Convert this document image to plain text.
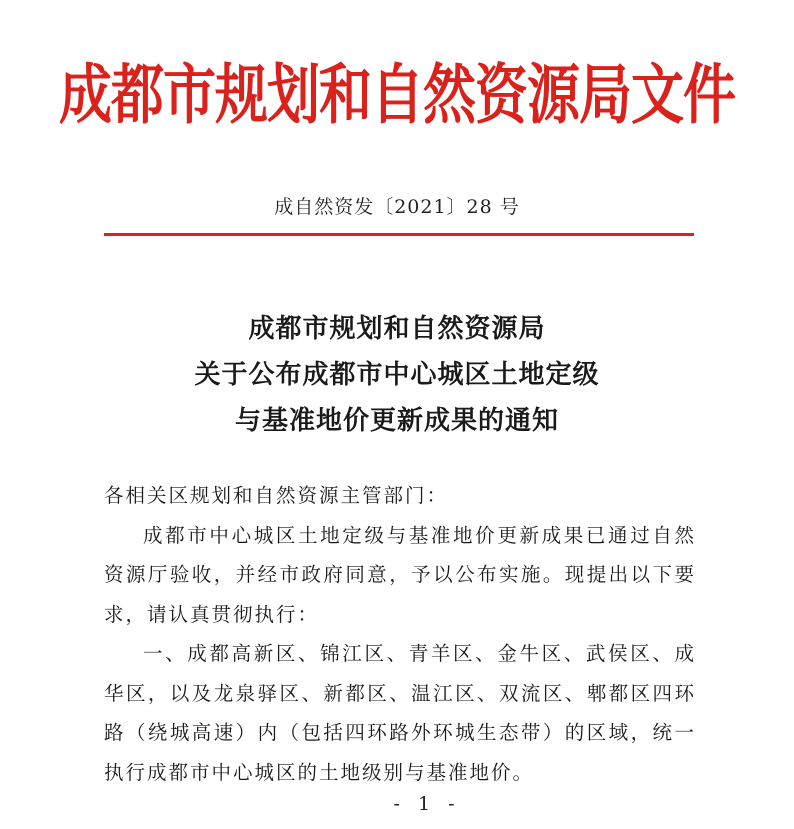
成都市规划和自然资源局文件
成自然资发〔2021〕28 号
成都市规划和自然资源局
关于公布成都市中心城区土地定级
与基准地价更新成果的通知

各相关区规划和自然资源主管部门：

成都市中心城区土地定级与基准地价更新成果已通过自然资源厅验收，并经市政府同意，予以公布实施。现提出以下要求，请认真贯彻执行：

一、成都高新区、锦江区、青羊区、金牛区、武侯区、成华区，以及龙泉驿区、新都区、温江区、双流区、郫都区四环路（绕城高速）内（包括四环路外环城生态带）的区域，统一执行成都市中心城区的土地级别与基准地价。

- 1 -
